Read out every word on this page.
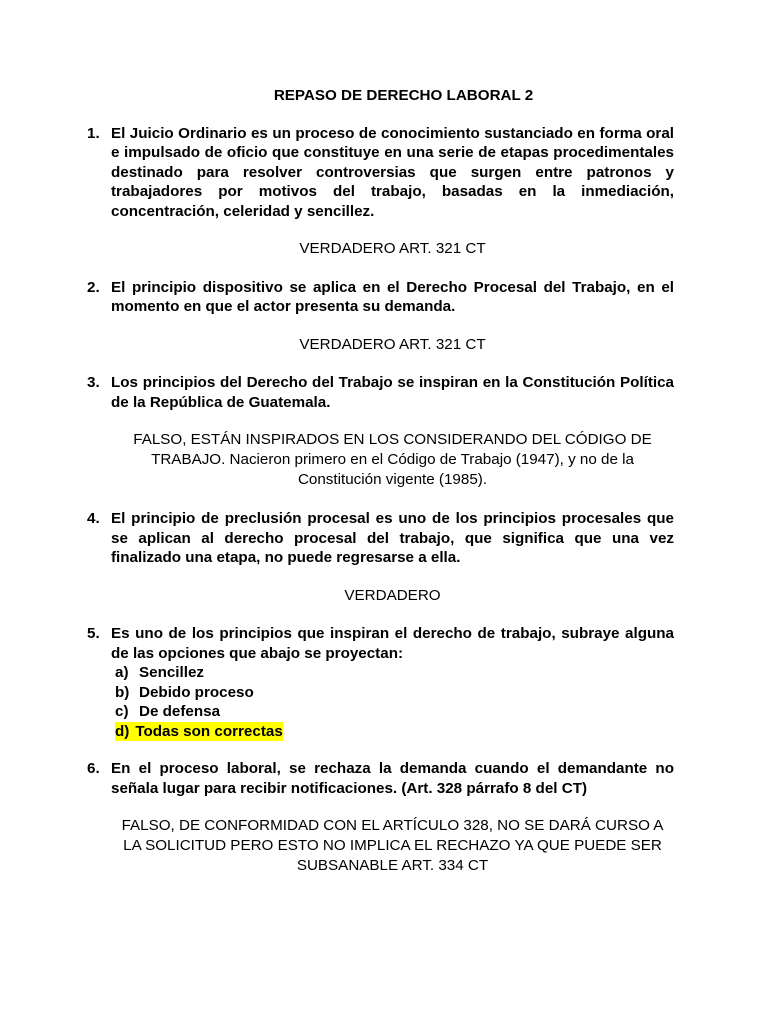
REPASO DE DERECHO LABORAL 2
1. El Juicio Ordinario es un proceso de conocimiento sustanciado en forma oral e impulsado de oficio que constituye en una serie de etapas procedimentales destinado para resolver controversias que surgen entre patronos y trabajadores por motivos del trabajo, basadas en la inmediación, concentración, celeridad y sencillez.
VERDADERO ART. 321 CT
2. El principio dispositivo se aplica en el Derecho Procesal del Trabajo, en el momento en que el actor presenta su demanda.
VERDADERO ART. 321 CT
3. Los principios del Derecho del Trabajo se inspiran en la Constitución Política de la República de Guatemala.
FALSO, ESTÁN INSPIRADOS EN LOS CONSIDERANDO DEL CÓDIGO DE
TRABAJO. Nacieron primero en el Código de Trabajo (1947), y no de la
Constitución vigente (1985).
4. El principio de preclusión procesal es uno de los principios procesales que se aplican al derecho procesal del trabajo, que significa que una vez finalizado una etapa, no puede regresarse a ella.
VERDADERO
5. Es uno de los principios que inspiran el derecho de trabajo, subraye alguna de las opciones que abajo se proyectan:
a) Sencillez
b) Debido proceso
c) De defensa
d) Todas son correctas
6. En el proceso laboral, se rechaza la demanda cuando el demandante no señala lugar para recibir notificaciones. (Art. 328 párrafo 8 del CT)
FALSO, DE CONFORMIDAD CON EL ARTÍCULO 328, NO SE DARÁ CURSO A
LA SOLICITUD PERO ESTO NO IMPLICA EL RECHAZO YA QUE PUEDE SER
SUBSANABLE ART. 334 CT
